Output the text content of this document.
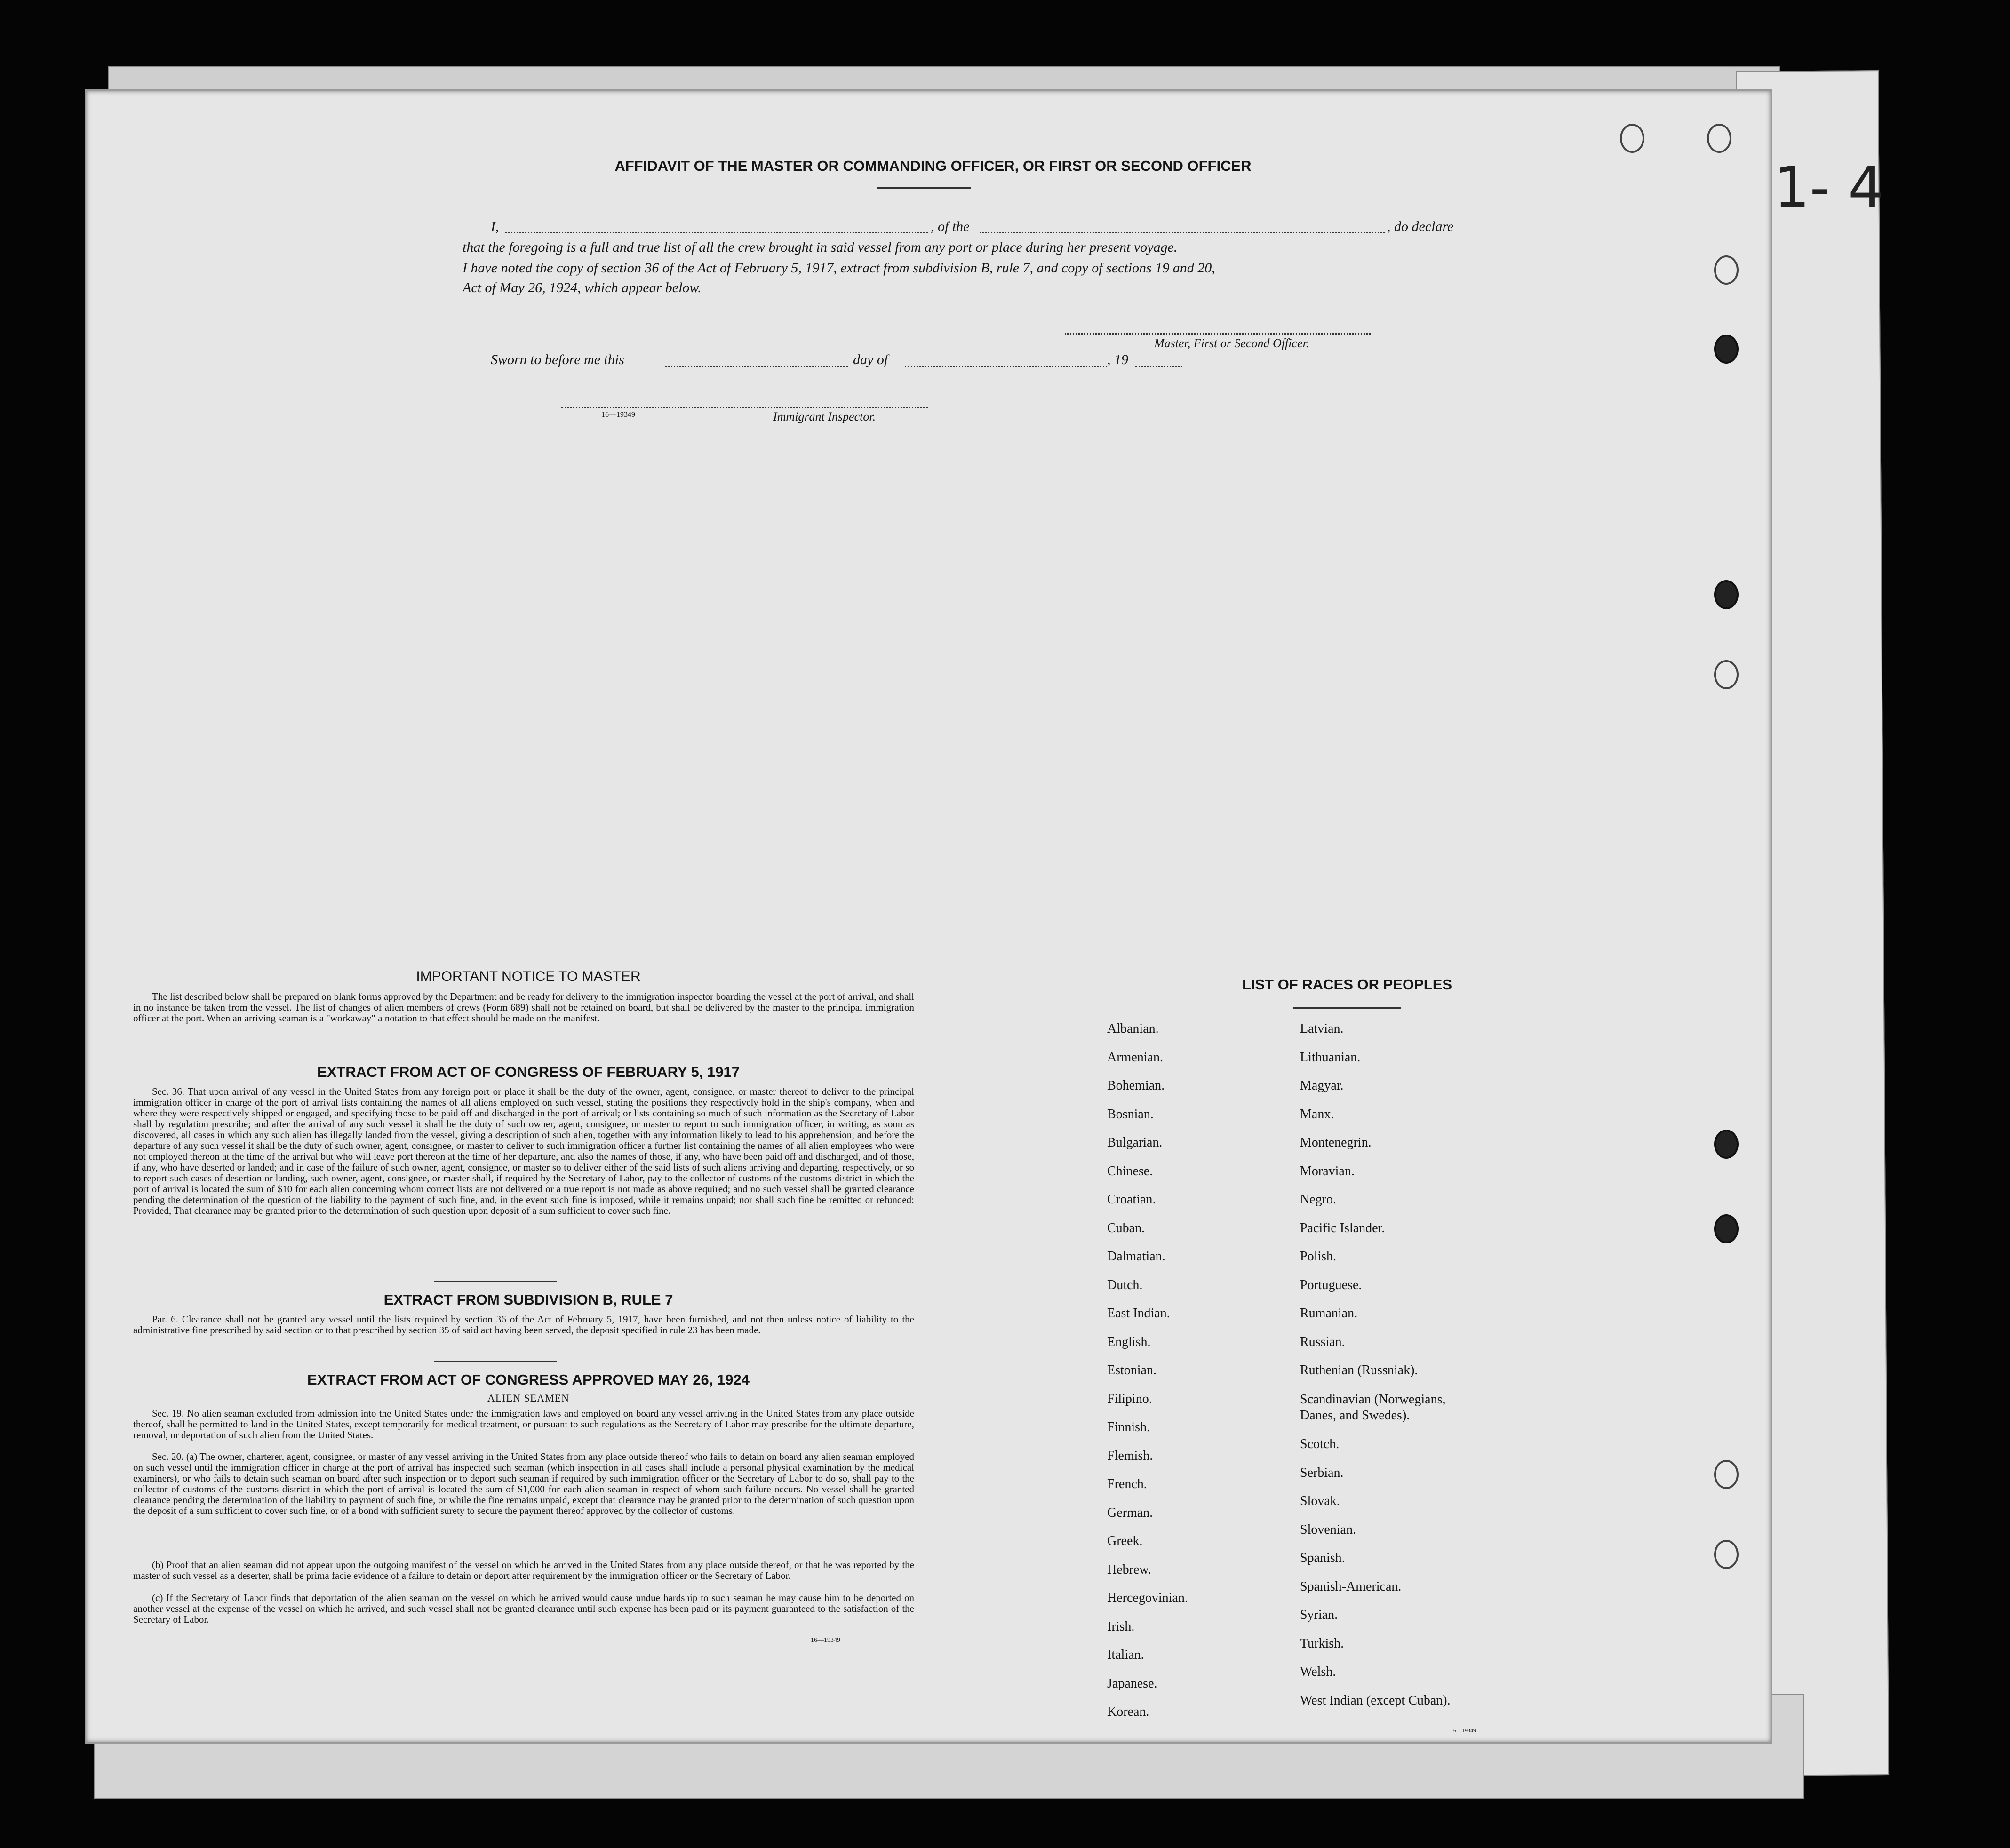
AFFIDAVIT OF THE MASTER OR COMMANDING OFFICER, OR FIRST OR SECOND OFFICER
I,	, of the	, do declare
that the foregoing is a full and true list of all the crew brought in said vessel from any port or place during her present voyage.
I have noted the copy of section 36 of the Act of February 5, 1917, extract from subdivision B, rule 7, and copy of sections 19 and 20,
Act of May 26, 1924, which appear below.
Master, First or Second Officer.
Sworn to before me this	day of	, 19
16—19349	Immigrant Inspector.
IMPORTANT NOTICE TO MASTER
The list described below shall be prepared on blank forms approved by the Department and be ready for delivery to the immigration inspector boarding the vessel at the port of arrival, and shall in no instance be taken from the vessel. The list of changes of alien members of crews (Form 689) shall not be retained on board, but shall be delivered by the master to the principal immigration officer at the port. When an arriving seaman is a "workaway" a notation to that effect should be made on the manifest.
EXTRACT FROM ACT OF CONGRESS OF FEBRUARY 5, 1917
Sec. 36. That upon arrival of any vessel in the United States from any foreign port or place it shall be the duty of the owner, agent, consignee, or master thereof to deliver to the principal immigration officer in charge of the port of arrival lists containing the names of all aliens employed on such vessel, stating the positions they respectively hold in the ship's company, when and where they were respectively shipped or engaged, and specifying those to be paid off and discharged in the port of arrival; or lists containing so much of such information as the Secretary of Labor shall by regulation prescribe; and after the arrival of any such vessel it shall be the duty of such owner, agent, consignee, or master to report to such immigration officer, in writing, as soon as discovered, all cases in which any such alien has illegally landed from the vessel, giving a description of such alien, together with any information likely to lead to his apprehension; and before the departure of any such vessel it shall be the duty of such owner, agent, consignee, or master to deliver to such immigration officer a further list containing the names of all alien employees who were not employed thereon at the time of the arrival but who will leave port thereon at the time of her departure, and also the names of those, if any, who have been paid off and discharged, and of those, if any, who have deserted or landed; and in case of the failure of such owner, agent, consignee, or master so to deliver either of the said lists of such aliens arriving and departing, respectively, or so to report such cases of desertion or landing, such owner, agent, consignee, or master shall, if required by the Secretary of Labor, pay to the collector of customs of the customs district in which the port of arrival is located the sum of $10 for each alien concerning whom correct lists are not delivered or a true report is not made as above required; and no such vessel shall be granted clearance pending the determination of the question of the liability to the payment of such fine, and, in the event such fine is imposed, while it remains unpaid; nor shall such fine be remitted or refunded: Provided, That clearance may be granted prior to the determination of such question upon deposit of a sum sufficient to cover such fine.
EXTRACT FROM SUBDIVISION B, RULE 7
Par. 6. Clearance shall not be granted any vessel until the lists required by section 36 of the Act of February 5, 1917, have been furnished, and not then unless notice of liability to the administrative fine prescribed by said section or to that prescribed by section 35 of said act having been served, the deposit specified in rule 23 has been made.
EXTRACT FROM ACT OF CONGRESS APPROVED MAY 26, 1924
ALIEN SEAMEN
Sec. 19. No alien seaman excluded from admission into the United States under the immigration laws and employed on board any vessel arriving in the United States from any place outside thereof, shall be permitted to land in the United States, except temporarily for medical treatment, or pursuant to such regulations as the Secretary of Labor may prescribe for the ultimate departure, removal, or deportation of such alien from the United States.
Sec. 20. (a) The owner, charterer, agent, consignee, or master of any vessel arriving in the United States from any place outside thereof who fails to detain on board any alien seaman employed on such vessel until the immigration officer in charge at the port of arrival has inspected such seaman (which inspection in all cases shall include a personal physical examination by the medical examiners), or who fails to detain such seaman on board after such inspection or to deport such seaman if required by such immigration officer or the Secretary of Labor to do so, shall pay to the collector of customs of the customs district in which the port of arrival is located the sum of $1,000 for each alien seaman in respect of whom such failure occurs. No vessel shall be granted clearance pending the determination of the liability to payment of such fine, or while the fine remains unpaid, except that clearance may be granted prior to the determination of such question upon the deposit of a sum sufficient to cover such fine, or of a bond with sufficient surety to secure the payment thereof approved by the collector of customs.
(b) Proof that an alien seaman did not appear upon the outgoing manifest of the vessel on which he arrived in the United States from any place outside thereof, or that he was reported by the master of such vessel as a deserter, shall be prima facie evidence of a failure to detain or deport after requirement by the immigration officer or the Secretary of Labor.
(c) If the Secretary of Labor finds that deportation of the alien seaman on the vessel on which he arrived would cause undue hardship to such seaman he may cause him to be deported on another vessel at the expense of the vessel on which he arrived, and such vessel shall not be granted clearance until such expense has been paid or its payment guaranteed to the satisfaction of the Secretary of Labor.
16—19349
LIST OF RACES OR PEOPLES
16—19349
Albanian.
Armenian.
Bohemian.
Bosnian.
Bulgarian.
Chinese.
Croatian.
Cuban.
Dalmatian.
Dutch.
East Indian.
English.
Estonian.
Filipino.
Finnish.
Flemish.
French.
German.
Greek.
Hebrew.
Hercegovinian.
Irish.
Italian.
Japanese.
Korean.
Latvian.
Lithuanian.
Magyar.
Manx.
Montenegrin.
Moravian.
Negro.
Pacific Islander.
Polish.
Portuguese.
Rumanian.
Russian.
Ruthenian (Russniak).
Scandinavian (Norwegians, Danes, and Swedes).
Scotch.
Serbian.
Slovak.
Slovenian.
Spanish.
Spanish-American.
Syrian.
Turkish.
Welsh.
West Indian (except Cuban).
1- 4
